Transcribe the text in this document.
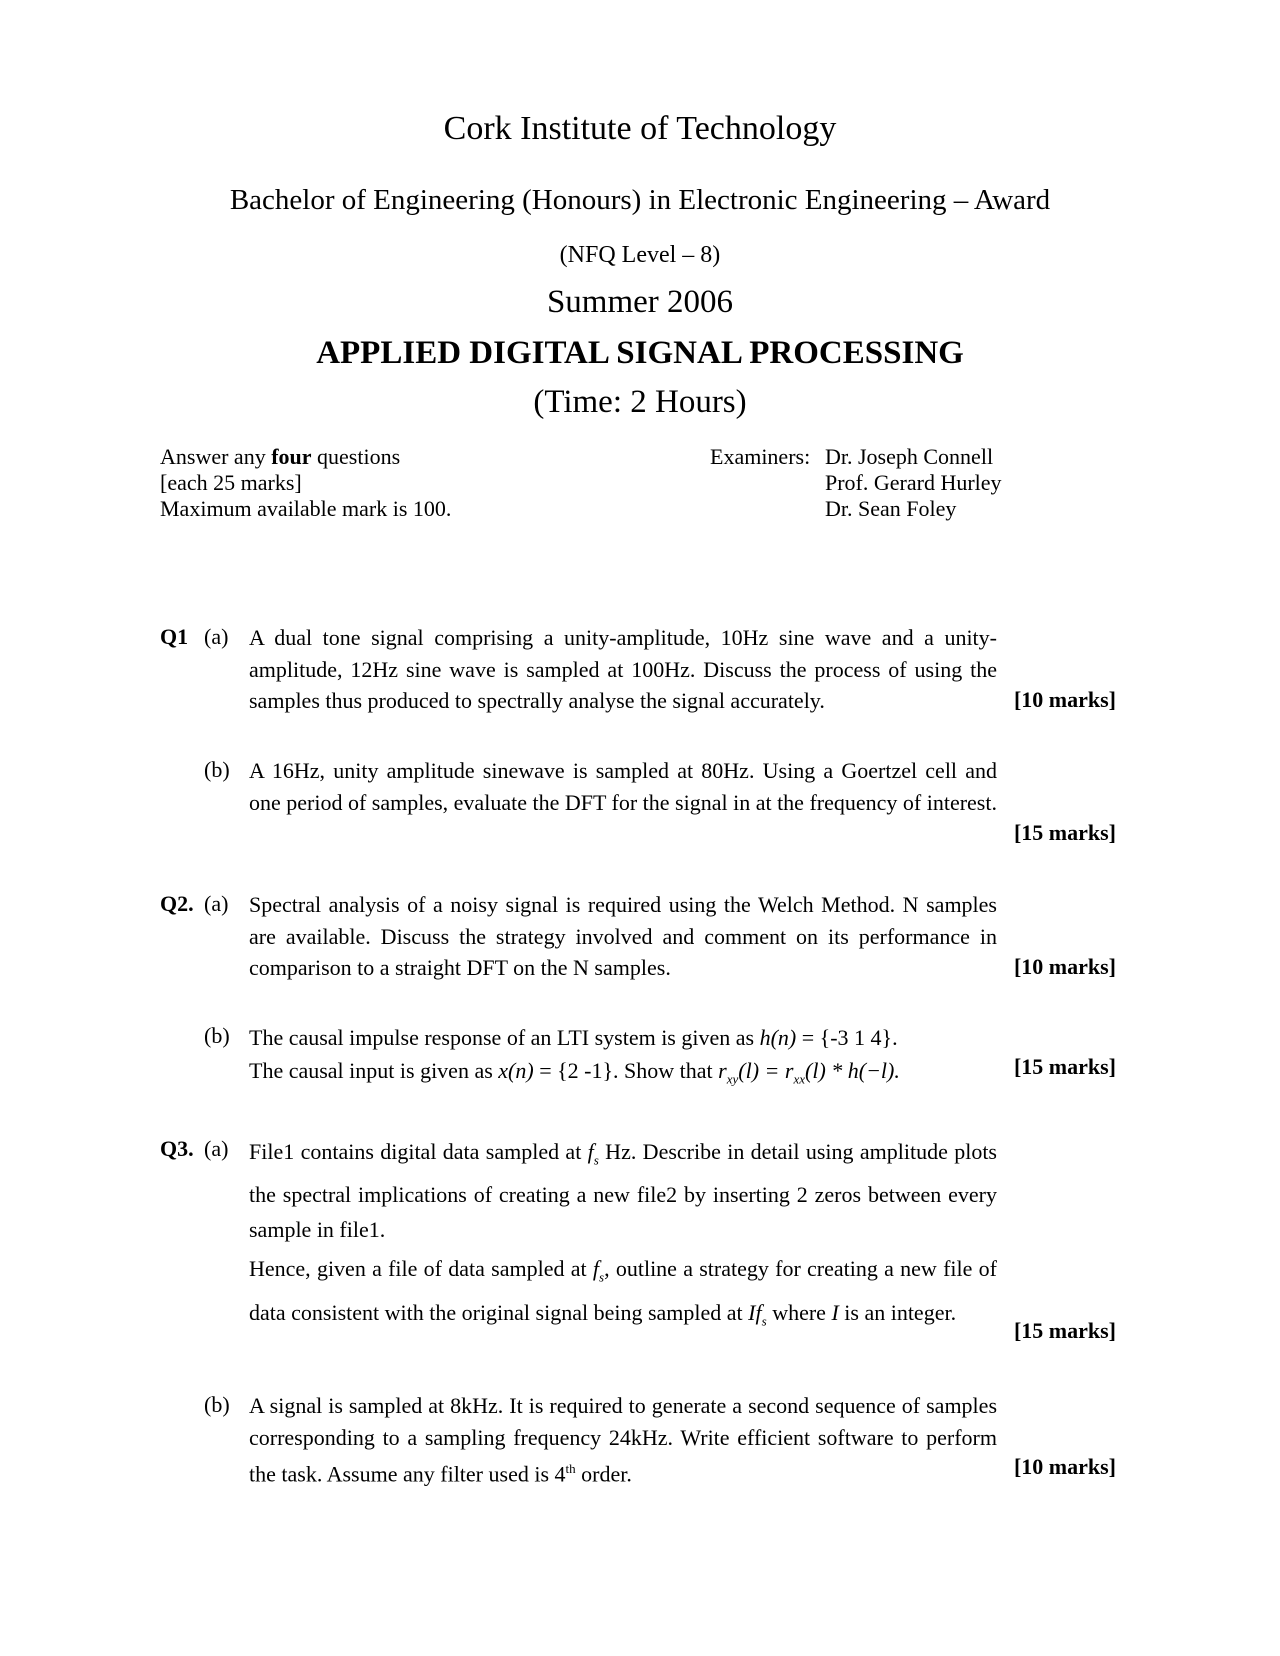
Cork Institute of Technology
Bachelor of Engineering (Honours) in Electronic Engineering – Award
(NFQ Level – 8)
Summer 2006
APPLIED DIGITAL SIGNAL PROCESSING
(Time: 2 Hours)
Answer any four questions
[each 25 marks]
Maximum available mark is 100.
Examiners: Dr. Joseph Connell
Prof. Gerard Hurley
Dr. Sean Foley
Q1 (a) A dual tone signal comprising a unity-amplitude, 10Hz sine wave and a unity-amplitude, 12Hz sine wave is sampled at 100Hz. Discuss the process of using the samples thus produced to spectrally analyse the signal accurately.	[10 marks]
(b) A 16Hz, unity amplitude sinewave is sampled at 80Hz. Using a Goertzel cell and one period of samples, evaluate the DFT for the signal in at the frequency of interest.
[15 marks]
Q2. (a) Spectral analysis of a noisy signal is required using the Welch Method. N samples are available. Discuss the strategy involved and comment on its performance in comparison to a straight DFT on the N samples.	[10 marks]
(b) The causal impulse response of an LTI system is given as h(n) = {-3 1 4}.
The causal input is given as x(n) = {2 -1}. Show that $r_{xy}(l) = r_{xx}(l) * h(-l)$.	[15 marks]
Q3. (a) File1 contains digital data sampled at $f_s$ Hz. Describe in detail using amplitude plots the spectral implications of creating a new file2 by inserting 2 zeros between every sample in file1.
Hence, given a file of data sampled at $f_s$, outline a strategy for creating a new file of data consistent with the original signal being sampled at $If_s$ where I is an integer.
[15 marks]
(b) A signal is sampled at 8kHz. It is required to generate a second sequence of samples corresponding to a sampling frequency 24kHz. Write efficient software to perform the task. Assume any filter used is 4th order.	[10 marks]
